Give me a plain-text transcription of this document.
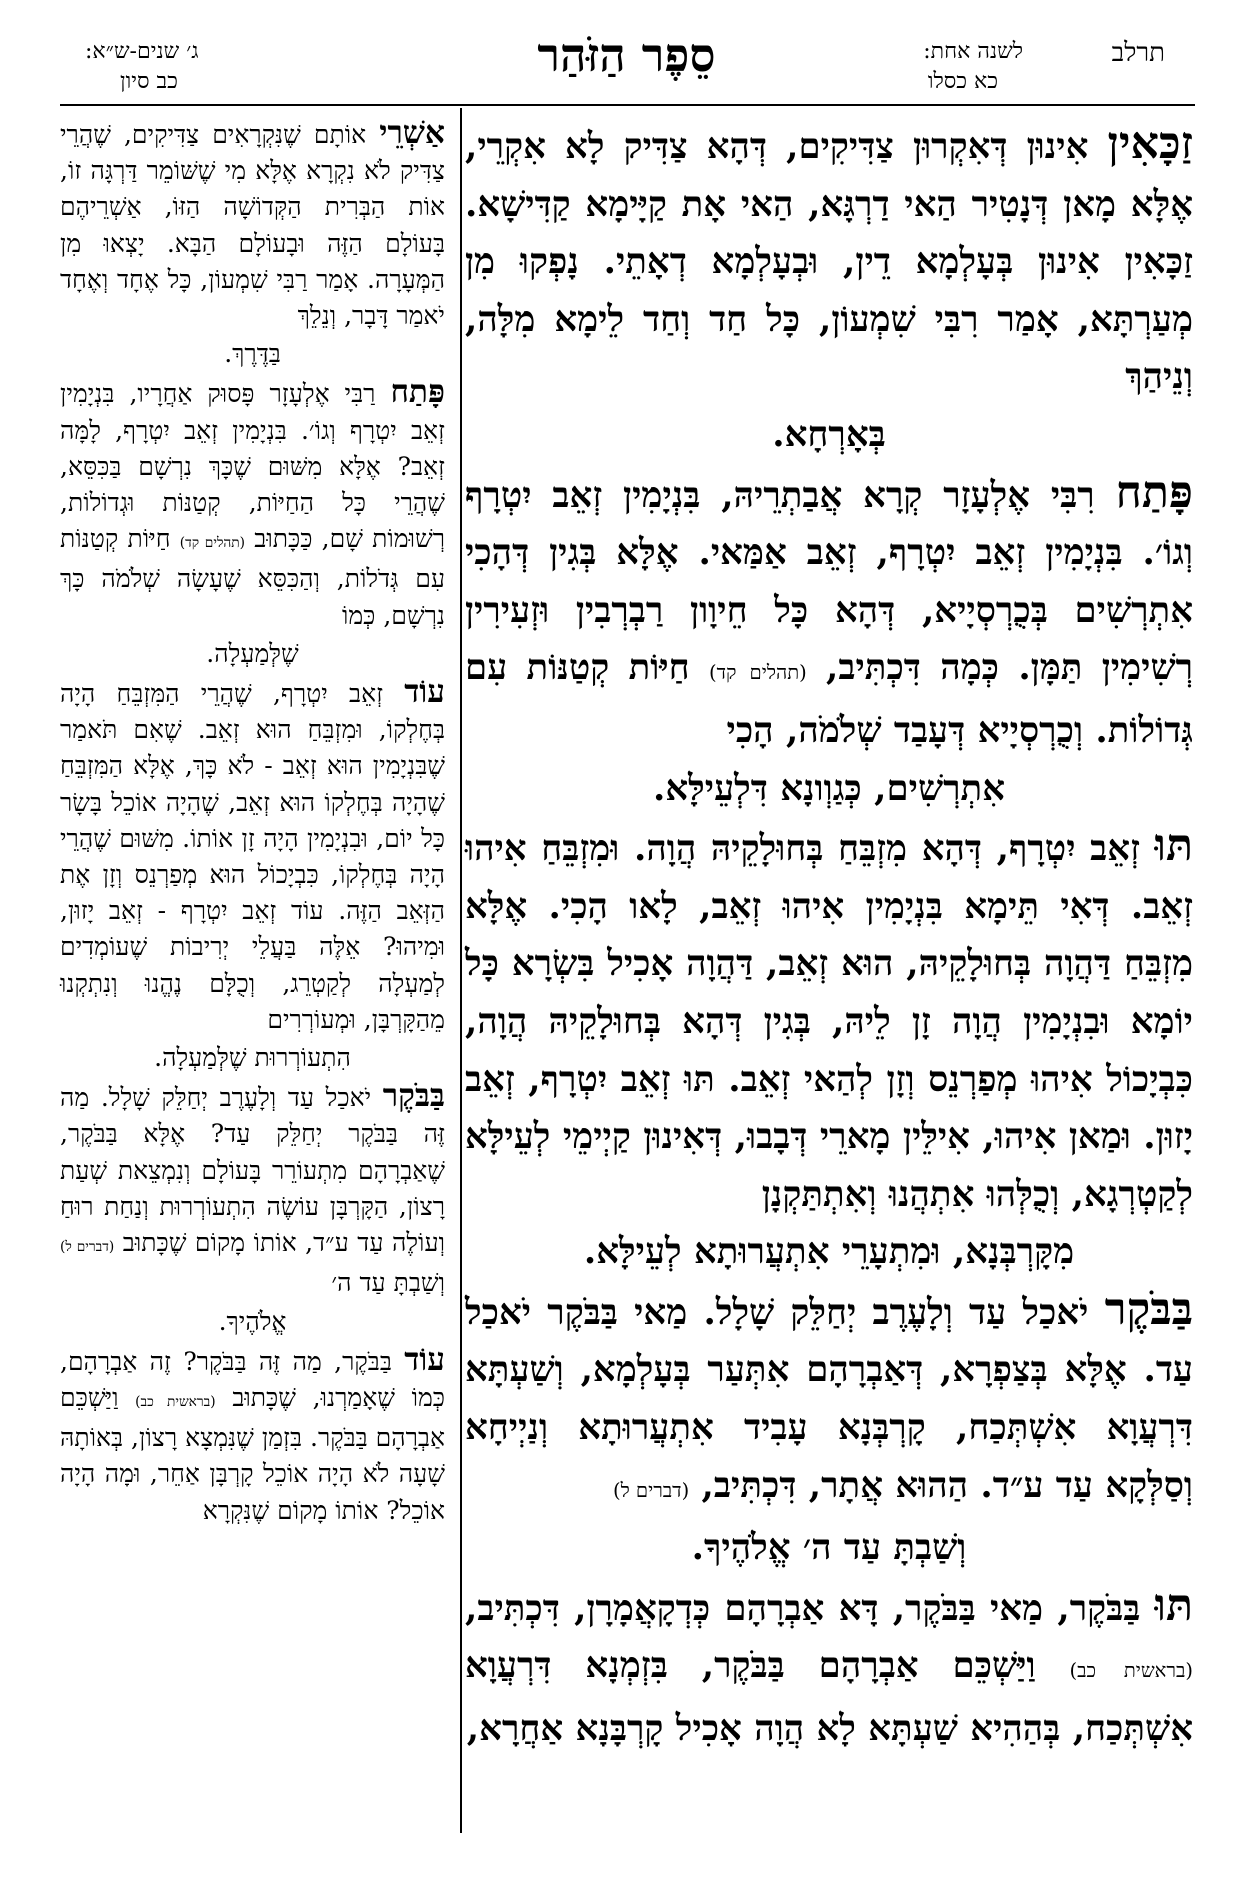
תרלב
לשנה אחת:
כא כסלו
סֵפֶר הַזֹּהַר
ג׳ שנים-ש״א:
כב סיון

זַכָּאִין אִינוּן דְּאִקְרוּן צַדִּיקִים, דְּהָא צַדִּיק לָא אִקְרֵי, אֶלָּא מָאן דְּנָטִיר הַאי דַרְגָּא, הַאי אָת קַיָּימָא קַדִּישָׁא. זַכָּאִין אִינוּן בְּעָלְמָא דֵין, וּבְעָלְמָא דְאָתֵי. נָפְקוּ מִן מְעַרְתָּא, אָמַר רִבִּי שִׁמְעוֹן, כָּל חַד וְחַד לֵימָא מִלָּה, וְנֵיהַךְ

בְּאָרְחָא.

פָּתַח רִבִּי אֶלְעָזָר קְרָא אֲבַתְרֵיהּ, בִּנְיָמִין זְאֵב יִטְרָף וְגוֹ׳. בִּנְיָמִין זְאֵב יִטְרָף, זְאֵב אַמַּאי. אֶלָּא בְּגִין דְּהָכִי אִתְרְשִׁים בְּכֻרְסְיָיא, דְּהָא כָּל חֵיוָון רַבְרְבִין וּזְעִירִין רְשִׁימִין תַּמָּן. כְּמָה דִּכְתִּיב, (תהלים קד) חַיּוֹת קְטַנּוֹת עִם גְּדוֹלוֹת. וְכֻרְסְיָיא דְּעָבַד שְׁלֹמֹה, הָכִי

אִתְרְשִׁים, כְּגַוְונָא דִּלְעֵילָּא.

תּוּ זְאֵב יִטְרָף, דְּהָא מִזְבֵּחַ בְּחוּלָקֵיהּ הֲוָה. וּמִזְבֵּחַ אִיהוּ זְאֵב. דְּאִי תֵּימָא בִּנְיָמִין אִיהוּ זְאֵב, לָאו הָכִי. אֶלָּא מִזְבֵּחַ דַּהֲוָה בְּחוּלָקֵיהּ, הוּא זְאֵב, דַּהֲוָה אָכִיל בִּשְׂרָא כָּל יוֹמָא וּבִנְיָמִין הֲוָה זָן לֵיהּ, בְּגִין דְּהָא בְּחוּלָקֵיהּ הֲוָה, כִּבְיָכוֹל אִיהוּ מְפַרְנֵס וְזָן לְהַאי זְאֵב. תּוּ זְאֵב יִטְרָף, זְאֵב יָזוּן. וּמַאן אִיהוּ, אִילֵּין מָארֵי דְּבָבוּ, דְּאִינוּן קַיְימֵי לְעֵילָּא לְקַטְרְגָא, וְכֻלְּהוּ אִתְהֲנוּ וְאִתְתַּקְנָן

מִקָּרְבְּנָא, וּמִתְעָרֵי אִתְעֲרוּתָא לְעֵילָּא.

בַּבֹּקֶר יֹאכַל עַד וְלָעֶרֶב יְחַלֵּק שָׁלָל. מַאי בַּבֹּקֶר יֹאכַל עַד. אֶלָּא בְּצַפְרָא, דְּאַבְרָהָם אִתְּעַר בְּעָלְמָא, וְשַׁעְתָּא דִּרְעֲוָא אִשְׁתְּכַח, קָרְבְּנָא עָבִיד אִתְעֲרוּתָא וְנַיְיחָא וְסַלְּקָא עַד ע״ד. הַהוּא אֲתָר, דִּכְתִּיב, (דברים ל)

וְשַׁבְתָּ עַד ה׳ אֱלֹהֶיךָ.

תּוּ בַּבֹּקֶר, מַאי בַּבֹּקֶר, דָּא אַבְרָהָם כְּדְקָאֲמָרָן, דִּכְתִּיב, (בראשית כב) וַיַּשְׁכֵּם אַבְרָהָם בַּבֹּקֶר, בִּזְמְנָא דִּרְעֲוָא אִשְׁתְּכַח, בְּהַהִיא שַׁעְתָּא לָא הֲוָה אָכִיל קָרְבָּנָא אַחֲרָא,

אַשְׁרֵי אוֹתָם שֶׁנִּקְרָאִים צַדִּיקִים, שֶׁהֲרֵי צַדִּיק לֹא נִקְרָא אֶלָּא מִי שֶׁשּׁוֹמֵר דַּרְגָּה זוֹ, אוֹת הַבְּרִית הַקְּדוֹשָׁה הַזּוֹ, אַשְׁרֵיהֶם בָּעוֹלָם הַזֶּה וּבָעוֹלָם הַבָּא. יָצְאוּ מִן הַמְּעָרָה. אָמַר רַבִּי שִׁמְעוֹן, כָּל אֶחָד וְאֶחָד יֹאמַר דָּבָר, וְנֵלֵךְ

בַּדֶּרֶךְ.

פָּתַח רַבִּי אֶלְעָזָר פָּסוּק אַחֲרָיו, בִּנְיָמִין זְאֵב יִטְרָף וְגוֹ׳. בִּנְיָמִין זְאֵב יִטְרָף, לָמָּה זְאֵב? אֶלָּא מִשּׁוּם שֶׁכָּךְ נִרְשָׁם בַּכִּסֵּא, שֶׁהֲרֵי כָּל הַחַיּוֹת, קְטַנּוֹת וּגְדוֹלוֹת, רְשׁוּמוֹת שָׁם, כַּכָּתוּב (תהלים קד) חַיּוֹת קְטַנּוֹת עִם גְּדֹלוֹת, וְהַכִּסֵּא שֶׁעָשָׂה שְׁלֹמֹה כָּךְ נִרְשָׁם, כְּמוֹ

שֶׁלְּמַעְלָה.

עוֹד זְאֵב יִטְרָף, שֶׁהֲרֵי הַמִּזְבֵּחַ הָיָה בְּחֶלְקוֹ, וּמִזְבֵּחַ הוּא זְאֵב. שֶׁאִם תֹּאמַר שֶׁבִּנְיָמִין הוּא זְאֵב - לֹא כָּךְ, אֶלָּא הַמִּזְבֵּחַ שֶׁהָיָה בְּחֶלְקוֹ הוּא זְאֵב, שֶׁהָיָה אוֹכֵל בָּשָׂר כָּל יוֹם, וּבִנְיָמִין הָיָה זָן אוֹתוֹ. מִשּׁוּם שֶׁהֲרֵי הָיָה בְּחֶלְקוֹ, כִּבְיָכוֹל הוּא מְפַרְנֵס וְזָן אֶת הַזְּאֵב הַזֶּה. עוֹד זְאֵב יִטְרָף - זְאֵב יָזוּן, וּמִיהוּ? אֵלֶּה בַּעֲלֵי יְרִיבוֹת שֶׁעוֹמְדִים לְמַעְלָה לְקַטְרֵג, וְכֻלָּם נֶהֱנוּ וְנִתְקְנוּ מֵהַקָּרְבָּן, וּמְעוֹרְרִים

הִתְעוֹרְרוּת שֶׁלְּמַעְלָה.

בַּבֹּקֶר יֹאכַל עַד וְלָעֶרֶב יְחַלֵּק שָׁלָל. מַה זֶּה בַּבֹּקֶר יְחַלֵּק עַד? אֶלָּא בַּבֹּקֶר, שֶׁאַבְרָהָם מִתְעוֹרֵר בָּעוֹלָם וְנִמְצֵאת שְׁעַת רָצוֹן, הַקָּרְבָּן עוֹשֶׂה הִתְעוֹרְרוּת וְנַחַת רוּחַ וְעוֹלֶה עַד ע״ד, אוֹתוֹ מָקוֹם שֶׁכָּתוּב (דברים ל) וְשַׁבְתָּ עַד ה׳

אֱלֹהֶיךָ.

עוֹד בַּבֹּקֶר, מַה זֶּה בַּבֹּקֶר? זֶה אַבְרָהָם, כְּמוֹ שֶׁאָמַרְנוּ, שֶׁכָּתוּב (בראשית כב) וַיַּשְׁכֵּם אַבְרָהָם בַּבֹּקֶר. בִּזְמַן שֶׁנִּמְצָא רָצוֹן, בְּאוֹתָהּ שָׁעָה לֹא הָיָה אוֹכֵל קָרְבָּן אַחֵר, וּמָה הָיָה אוֹכֵל? אוֹתוֹ מָקוֹם שֶׁנִּקְרָא
